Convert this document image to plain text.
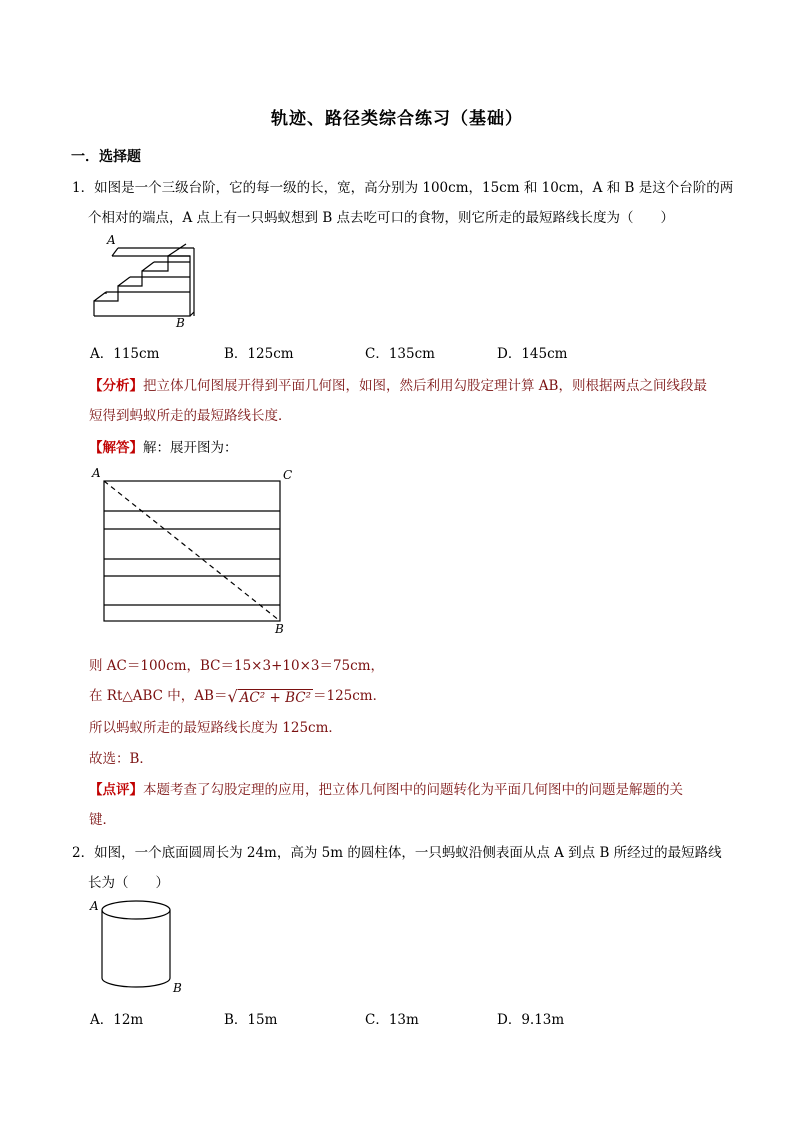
轨迹、路径类综合练习（基础）
一．选择题
1．如图是一个三级台阶，它的每一级的长，宽，高分别为 100cm，15cm 和 10cm，A 和 B 是这个台阶的两
个相对的端点，A 点上有一只蚂蚁想到 B 点去吃可口的食物，则它所走的最短路线长度为（　　）
A
B
A．115cm	B．125cm	C．135cm	D．145cm
【分析】把立体几何图展开得到平面几何图，如图，然后利用勾股定理计算 AB，则根据两点之间线段最
短得到蚂蚁所走的最短路线长度．
【解答】解：展开图为：
A	C
B
则 AC＝100cm，BC＝15×3+10×3＝75cm，
在 Rt△ABC 中，AB＝√ AC² + BC² ＝125cm．
所以蚂蚁所走的最短路线长度为 125cm．
故选：B．
【点评】本题考查了勾股定理的应用，把立体几何图中的问题转化为平面几何图中的问题是解题的关
键．
2．如图，一个底面圆周长为 24m，高为 5m 的圆柱体，一只蚂蚁沿侧表面从点 A 到点 B 所经过的最短路线
长为（　　）
A
B
A．12m	B．15m	C．13m	D．9.13m
